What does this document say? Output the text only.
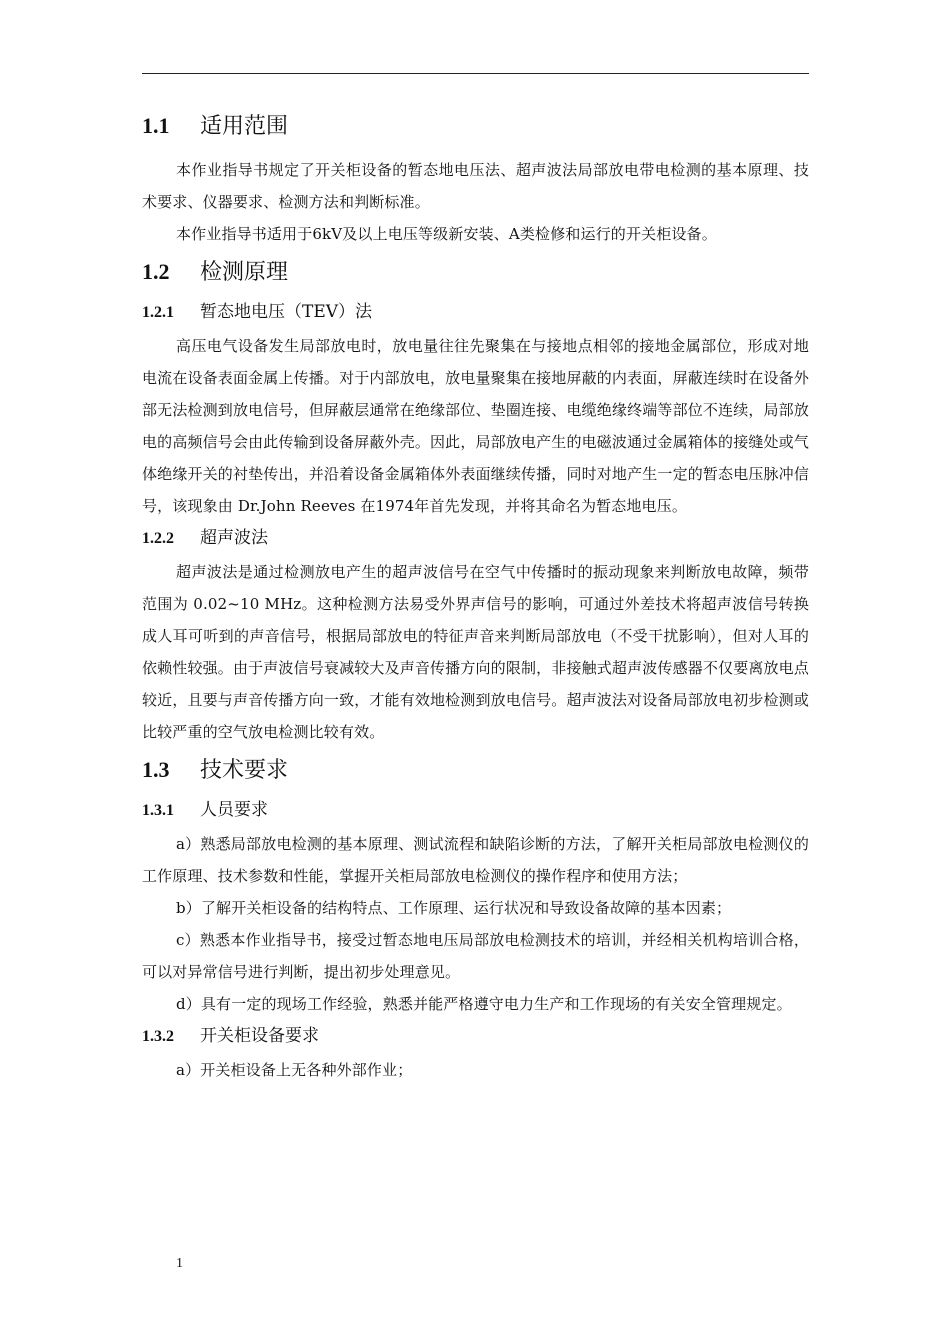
1.1	适用范围

本作业指导书规定了开关柜设备的暂态地电压法、超声波法局部放电带电检测的基本原理、技术要求、仪器要求、检测方法和判断标准。

本作业指导书适用于6kV及以上电压等级新安装、A类检修和运行的开关柜设备。

1.2	检测原理
1.2.1	暂态地电压（TEV）法

高压电气设备发生局部放电时，放电量往往先聚集在与接地点相邻的接地金属部位，形成对地电流在设备表面金属上传播。对于内部放电，放电量聚集在接地屏蔽的内表面，屏蔽连续时在设备外部无法检测到放电信号，但屏蔽层通常在绝缘部位、垫圈连接、电缆绝缘终端等部位不连续，局部放电的高频信号会由此传输到设备屏蔽外壳。因此，局部放电产生的电磁波通过金属箱体的接缝处或气体绝缘开关的衬垫传出，并沿着设备金属箱体外表面继续传播，同时对地产生一定的暂态电压脉冲信号，该现象由 Dr.John Reeves 在1974年首先发现，并将其命名为暂态地电压。

1.2.2	超声波法

超声波法是通过检测放电产生的超声波信号在空气中传播时的振动现象来判断放电故障，频带范围为 0.02~10 MHz。这种检测方法易受外界声信号的影响，可通过外差技术将超声波信号转换成人耳可听到的声音信号，根据局部放电的特征声音来判断局部放电（不受干扰影响），但对人耳的依赖性较强。由于声波信号衰减较大及声音传播方向的限制，非接触式超声波传感器不仅要离放电点较近，且要与声音传播方向一致，才能有效地检测到放电信号。超声波法对设备局部放电初步检测或比较严重的空气放电检测比较有效。

1.3	技术要求
1.3.1	人员要求

a）熟悉局部放电检测的基本原理、测试流程和缺陷诊断的方法，了解开关柜局部放电检测仪的工作原理、技术参数和性能，掌握开关柜局部放电检测仪的操作程序和使用方法；

b）了解开关柜设备的结构特点、工作原理、运行状况和导致设备故障的基本因素；

c）熟悉本作业指导书，接受过暂态地电压局部放电检测技术的培训，并经相关机构培训合格，可以对异常信号进行判断，提出初步处理意见。

d）具有一定的现场工作经验，熟悉并能严格遵守电力生产和工作现场的有关安全管理规定。

1.3.2	开关柜设备要求

a）开关柜设备上无各种外部作业；

1
